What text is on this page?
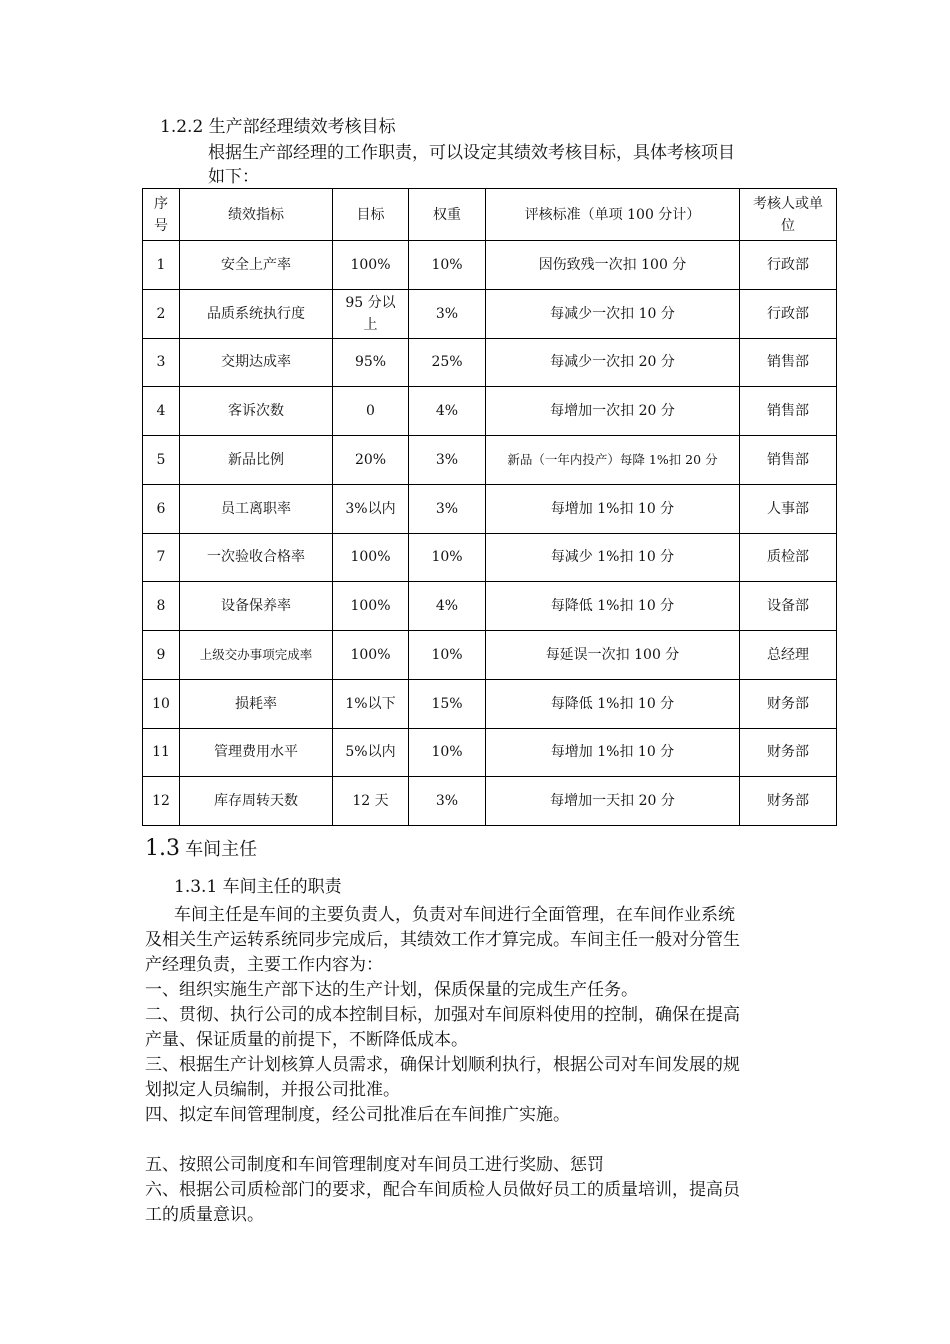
1.2.2 生产部经理绩效考核目标
根据生产部经理的工作职责，可以设定其绩效考核目标，具体考核项目
如下：
序
号	绩效指标	目标	权重	评核标准（单项 100 分计）	考核人或单
位
1	安全上产率	100%	10%	因伤致残一次扣 100 分	行政部
2	品质系统执行度	95 分以
上	3%	每减少一次扣 10 分	行政部
3	交期达成率	95%	25%	每减少一次扣 20 分	销售部
4	客诉次数	0	4%	每增加一次扣 20 分	销售部
5	新品比例	20%	3%	新品（一年内投产）每降 1%扣 20 分	销售部
6	员工离职率	3%以内	3%	每增加 1%扣 10 分	人事部
7	一次验收合格率	100%	10%	每减少 1%扣 10 分	质检部
8	设备保养率	100%	4%	每降低 1%扣 10 分	设备部
9	上级交办事项完成率	100%	10%	每延误一次扣 100 分	总经理
10	损耗率	1%以下	15%	每降低 1%扣 10 分	财务部
11	管理费用水平	5%以内	10%	每增加 1%扣 10 分	财务部
12	库存周转天数	12 天	3%	每增加一天扣 20 分	财务部
1.3 车间主任
1.3.1 车间主任的职责
车间主任是车间的主要负责人，负责对车间进行全面管理，在车间作业系统
及相关生产运转系统同步完成后，其绩效工作才算完成。车间主任一般对分管生
产经理负责，主要工作内容为：
一、组织实施生产部下达的生产计划，保质保量的完成生产任务。
二、贯彻、执行公司的成本控制目标，加强对车间原料使用的控制，确保在提高
产量、保证质量的前提下，不断降低成本。
三、根据生产计划核算人员需求，确保计划顺利执行，根据公司对车间发展的规
划拟定人员编制，并报公司批准。
四、拟定车间管理制度，经公司批准后在车间推广实施。
五、按照公司制度和车间管理制度对车间员工进行奖励、惩罚
六、根据公司质检部门的要求，配合车间质检人员做好员工的质量培训，提高员
工的质量意识。
